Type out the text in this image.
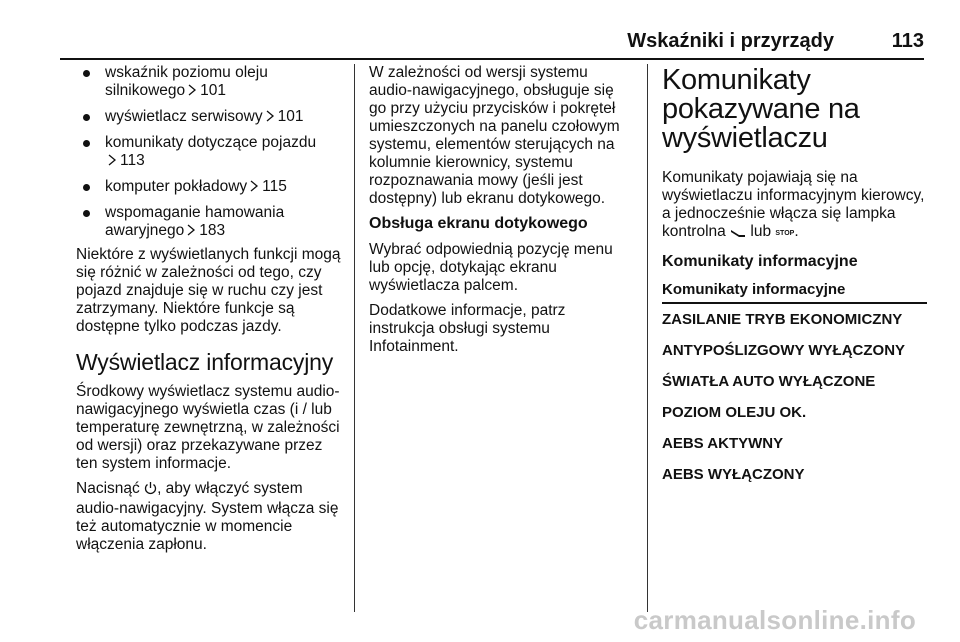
Wskaźniki i przyrządy	113
wskaźnik poziomu oleju silnikowego 101
wyświetlacz serwisowy 101
komunikaty dotyczące pojazdu

113
komputer pokładowy 115
wspomaganie hamowania awaryjnego 183

Niektóre z wyświetlanych funkcji mogą się różnić w zależności od tego, czy pojazd znajduje się w ruchu czy jest zatrzymany. Niektóre funkcje są dostępne tylko podczas jazdy.

Wyświetlacz informacyjny

Środkowy wyświetlacz systemu audio-nawigacyjnego wyświetla czas (i / lub temperaturę zewnętrzną, w zależności od wersji) oraz przekazywane przez ten system informacje.

Nacisnąć , aby włączyć system audio-nawigacyjny. System włącza się też automatycznie w momencie włączenia zapłonu.

W zależności od wersji systemu audio-nawigacyjnego, obsługuje się go przy użyciu przycisków i pokręteł umieszczonych na panelu czołowym systemu, elementów sterujących na kolumnie kierownicy, systemu rozpoznawania mowy (jeśli jest dostępny) lub ekranu dotykowego.

Obsługa ekranu dotykowego

Wybrać odpowiednią pozycję menu lub opcję, dotykając ekranu wyświetlacza palcem.

Dodatkowe informacje, patrz instrukcja obsługi systemu Infotainment.

Komunikaty pokazywane na wyświetlaczu

Komunikaty pojawiają się na wyświetlaczu informacyjnym kierowcy, a jednocześnie włącza się lampka kontrolna lub STOP.

Komunikaty informacyjne
Komunikaty informacyjne
ZASILANIE TRYB EKONOMICZNY
ANTYPOŚLIZGOWY WYŁĄCZONY
ŚWIATŁA AUTO WYŁĄCZONE
POZIOM OLEJU OK.
AEBS AKTYWNY
AEBS WYŁĄCZONY
carmanualsonline.info
